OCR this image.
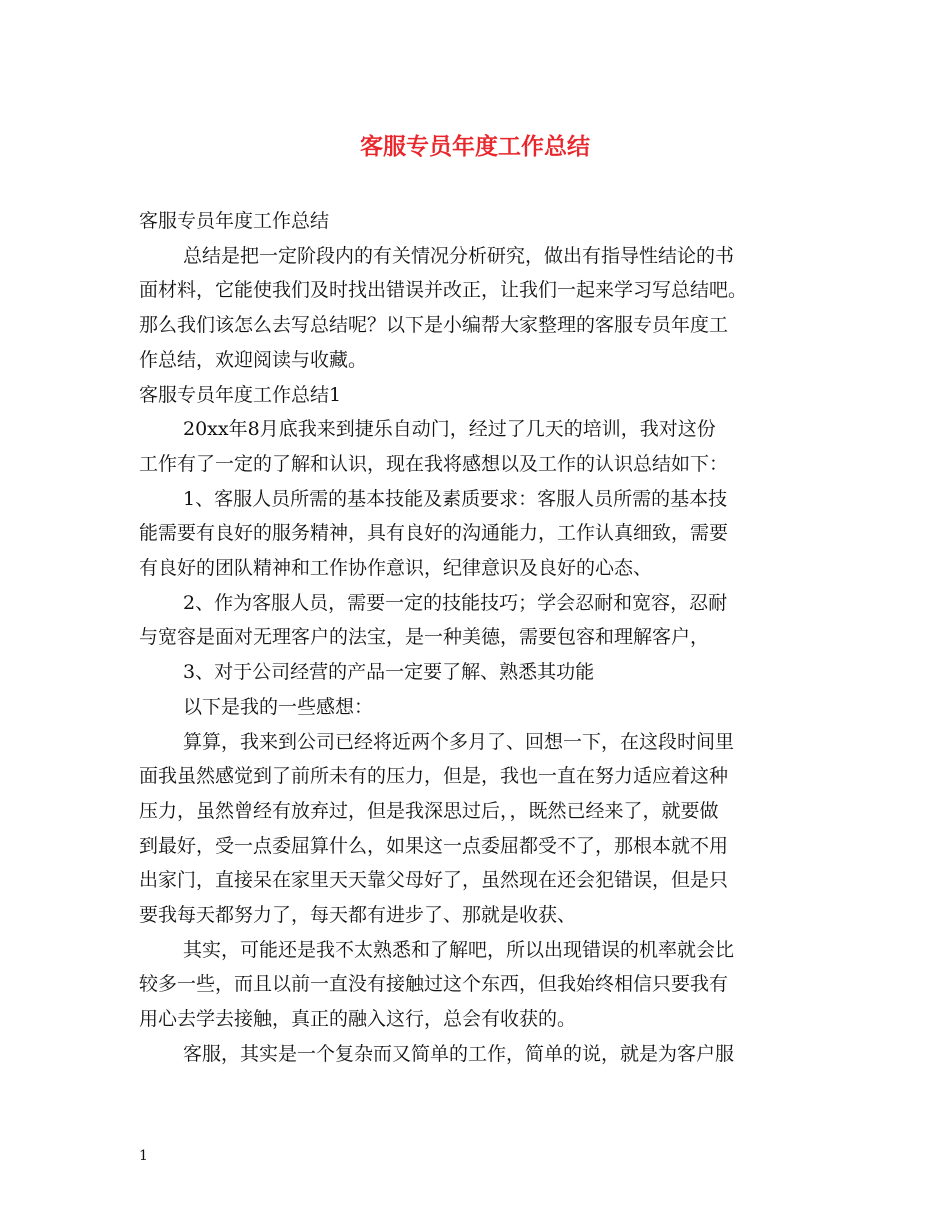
客服专员年度工作总结
客服专员年度工作总结
总结是把一定阶段内的有关情况分析研究，做出有指导性结论的书
面材料，它能使我们及时找出错误并改正，让我们一起来学习写总结吧。
那么我们该怎么去写总结呢？以下是小编帮大家整理的客服专员年度工
作总结，欢迎阅读与收藏。
客服专员年度工作总结1
20xx年8月底我来到捷乐自动门，经过了几天的培训，我对这份
工作有了一定的了解和认识，现在我将感想以及工作的认识总结如下：
1、客服人员所需的基本技能及素质要求：客服人员所需的基本技
能需要有良好的服务精神，具有良好的沟通能力，工作认真细致，需要
有良好的团队精神和工作协作意识，纪律意识及良好的心态、
2、作为客服人员，需要一定的技能技巧；学会忍耐和宽容，忍耐
与宽容是面对无理客户的法宝，是一种美德，需要包容和理解客户，
3、对于公司经营的产品一定要了解、熟悉其功能
以下是我的一些感想：
算算，我来到公司已经将近两个多月了、回想一下，在这段时间里
面我虽然感觉到了前所未有的压力，但是，我也一直在努力适应着这种
压力，虽然曾经有放弃过，但是我深思过后，，既然已经来了，就要做
到最好，受一点委屈算什么，如果这一点委屈都受不了，那根本就不用
出家门，直接呆在家里天天靠父母好了，虽然现在还会犯错误，但是只
要我每天都努力了，每天都有进步了、那就是收获、
其实，可能还是我不太熟悉和了解吧，所以出现错误的机率就会比
较多一些，而且以前一直没有接触过这个东西，但我始终相信只要我有
用心去学去接触，真正的融入这行，总会有收获的。
客服，其实是一个复杂而又简单的工作，简单的说，就是为客户服
1
